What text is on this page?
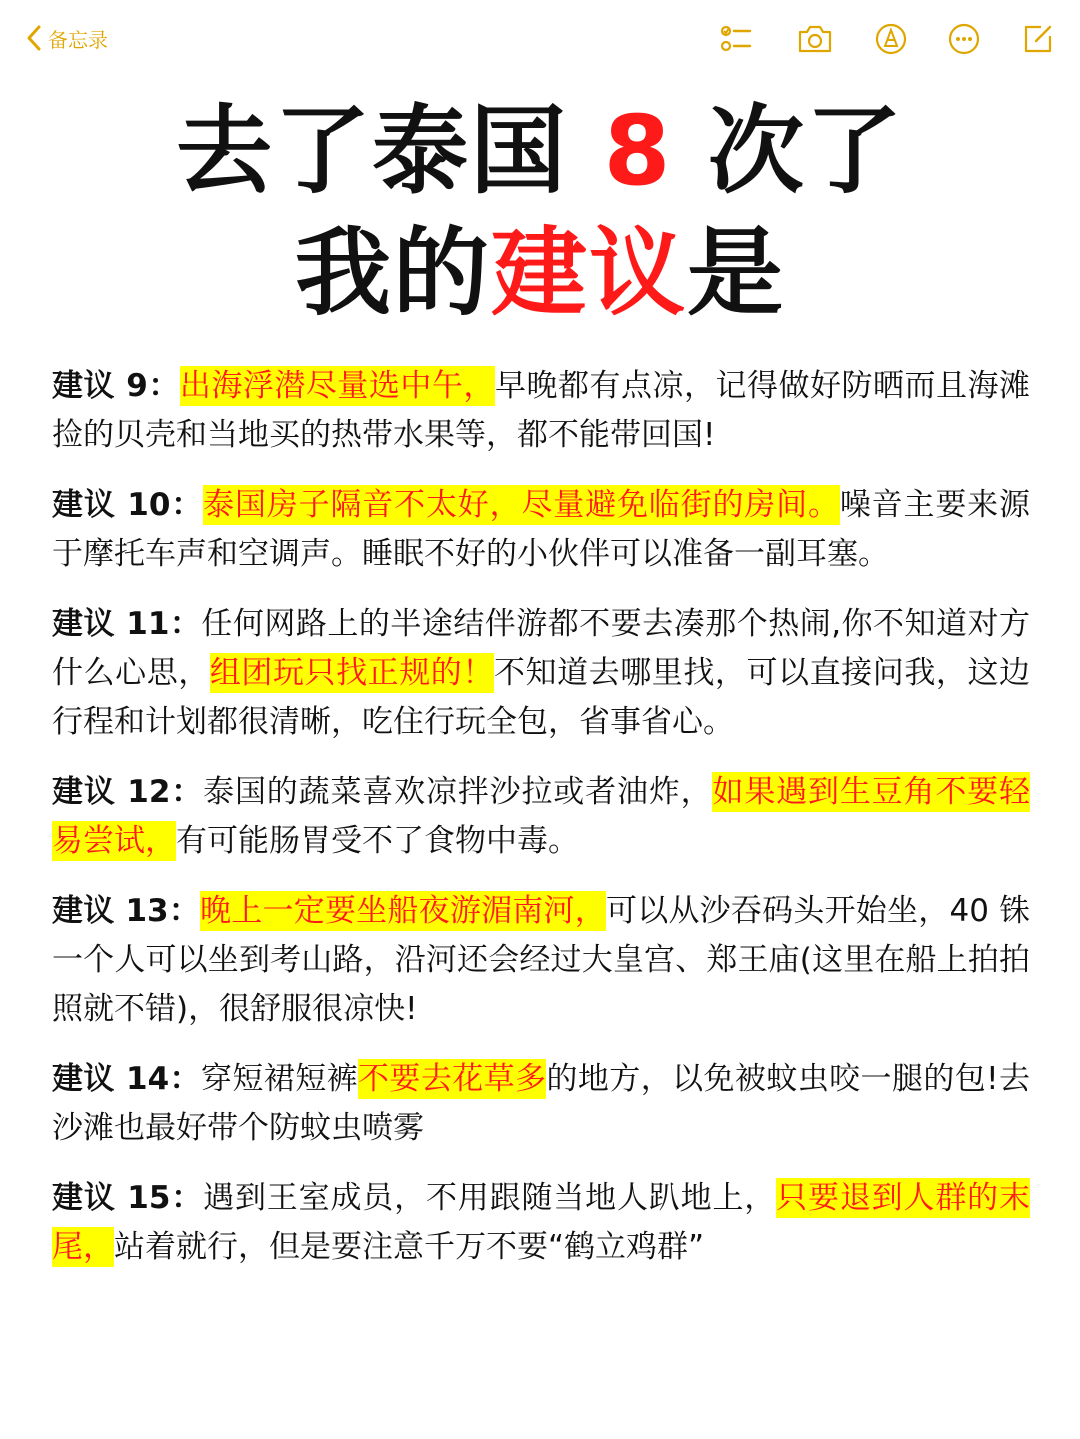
备忘录
去了泰国 8 次了
我的建议是

建议 9：出海浮潜尽量选中午，早晚都有点凉，记得做好防晒而且海滩捡的贝壳和当地买的热带水果等，都不能带回国!

建议 10：泰国房子隔音不太好，尽量避免临街的房间。噪音主要来源于摩托车声和空调声。睡眠不好的小伙伴可以准备一副耳塞。

建议 11：任何网路上的半途结伴游都不要去凑那个热闹,你不知道对方什么心思，组团玩只找正规的！不知道去哪里找，可以直接问我，这边行程和计划都很清晰，吃住行玩全包，省事省心。

建议 12：泰国的蔬菜喜欢凉拌沙拉或者油炸，如果遇到生豆角不要轻易尝试，有可能肠胃受不了食物中毒。

建议 13：晚上一定要坐船夜游湄南河，可以从沙吞码头开始坐，40 铢一个人可以坐到考山路，沿河还会经过大皇宫、郑王庙(这里在船上拍拍照就不错)，很舒服很凉快!

建议 14：穿短裙短裤不要去花草多的地方，以免被蚊虫咬一腿的包!去沙滩也最好带个防蚊虫喷雾

建议 15：遇到王室成员，不用跟随当地人趴地上，只要退到人群的末尾，站着就行，但是要注意千万不要“鹤立鸡群”
